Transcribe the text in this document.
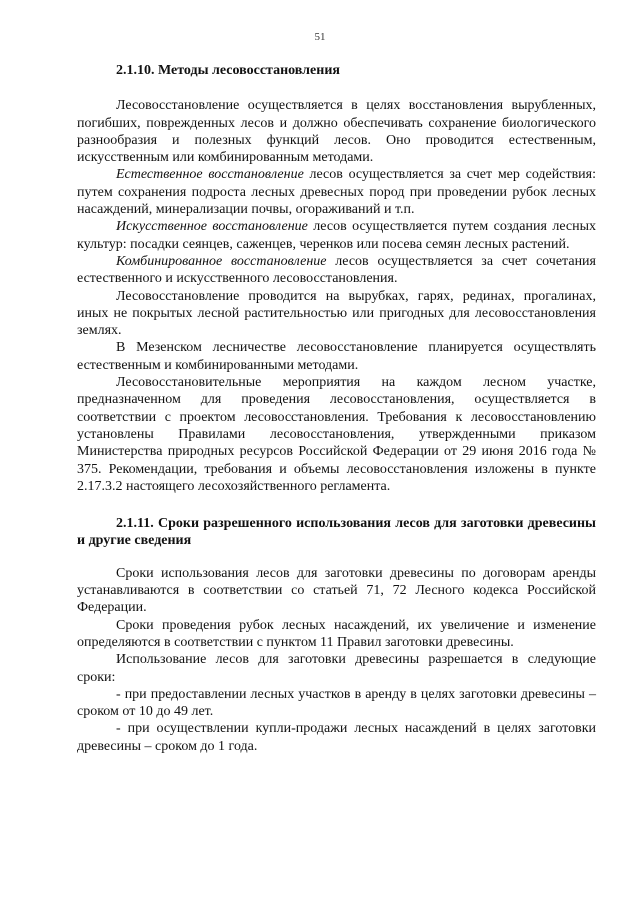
51
2.1.10. Методы лесовосстановления

Лесовосстановление осуществляется в целях восстановления вырубленных, погибших, поврежденных лесов и должно обеспечивать сохранение биологического разнообразия и полезных функций лесов. Оно проводится естественным, искусственным или комбинированным методами.

Естественное восстановление лесов осуществляется за счет мер содействия: путем сохранения подроста лесных древесных пород при проведении рубок лесных насаждений, минерализации почвы, огораживаний и т.п.

Искусственное восстановление лесов осуществляется путем создания лесных культур: посадки сеянцев, саженцев, черенков или посева семян лесных растений.

Комбинированное восстановление лесов осуществляется за счет сочетания естественного и искусственного лесовосстановления.

Лесовосстановление проводится на вырубках, гарях, рединах, прогалинах, иных не покрытых лесной растительностью или пригодных для лесовосстановления землях.

В Мезенском лесничестве лесовосстановление планируется осуществлять естественным и комбинированными методами.

Лесовосстановительные мероприятия на каждом лесном участке, предназначенном для проведения лесовосстановления, осуществляется в соответствии с проектом лесовосстановления. Требования к лесовосстановлению установлены Правилами лесовосстановления, утвержденными приказом Министерства природных ресурсов Российской Федерации от 29 июня 2016 года № 375. Рекомендации, требования и объемы лесовосстановления изложены в пункте 2.17.3.2 настоящего лесохозяйственного регламента.

2.1.11. Сроки разрешенного использования лесов для заготовки древесины и другие сведения

Сроки использования лесов для заготовки древесины по договорам аренды устанавливаются в соответствии со статьей 71, 72 Лесного кодекса Российской Федерации.

Сроки проведения рубок лесных насаждений, их увеличение и изменение определяются в соответствии с пунктом 11 Правил заготовки древесины.

Использование лесов для заготовки древесины разрешается в следующие сроки:

- при предоставлении лесных участков в аренду в целях заготовки древесины – сроком от 10 до 49 лет.

- при осуществлении купли-продажи лесных насаждений в целях заготовки древесины – сроком до 1 года.
